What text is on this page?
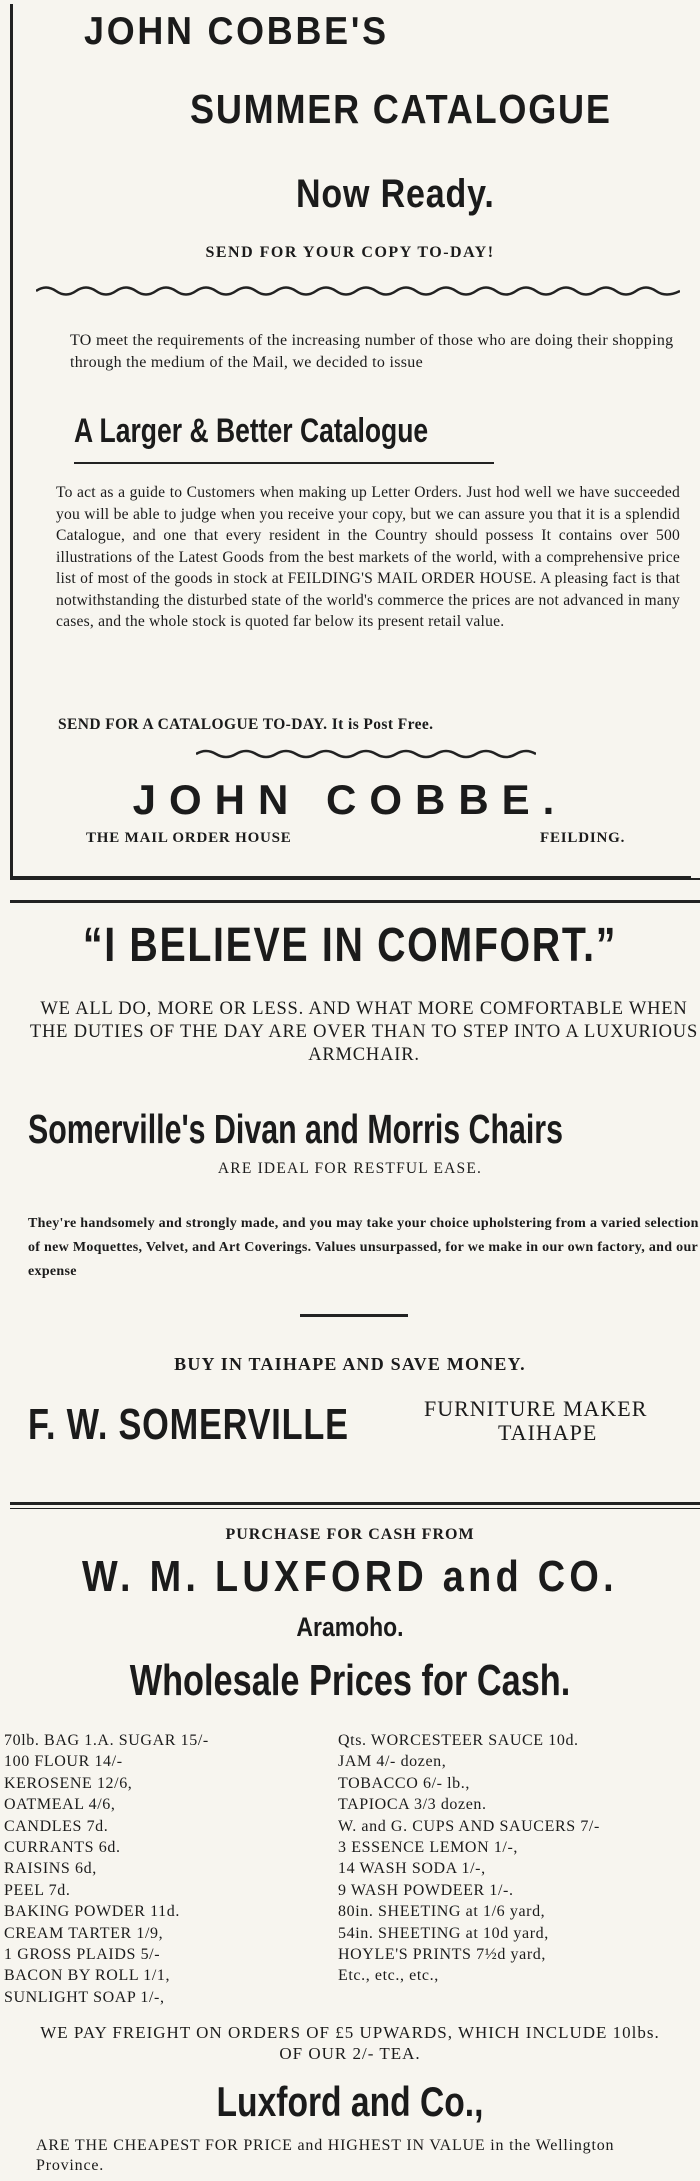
JOHN COBBE'S
SUMMER CATALOGUE
Now Ready.
SEND FOR YOUR COPY TO-DAY!

TO meet the requirements of the increasing number of those who are doing their shopping through the medium of the Mail, we decided to issue

A Larger & Better Catalogue

To act as a guide to Customers when making up Letter Orders. Just hod well we have succeeded you will be able to judge when you receive your copy, but we can assure you that it is a splendid Catalogue, and one that every resident in the Country should possess It contains over 500 illustrations of the Latest Goods from the best markets of the world, with a comprehensive price list of most of the goods in stock at FEILDING'S MAIL ORDER HOUSE. A pleasing fact is that notwithstanding the disturbed state of the world's commerce the prices are not advanced in many cases, and the whole stock is quoted far below its present retail value.

SEND FOR A CATALOGUE TO-DAY. It is Post Free.
JOHN COBBE.
THE MAIL ORDER HOUSE	FEILDING.
“I BELIEVE IN COMFORT.”

WE ALL DO, MORE OR LESS. AND WHAT MORE COMFORTABLE WHEN THE DUTIES OF THE DAY ARE OVER THAN TO STEP INTO A LUXURIOUS ARMCHAIR.

Somerville's Divan and Morris Chairs
ARE IDEAL FOR RESTFUL EASE.

They're handsomely and strongly made, and you may take your choice upholstering from a varied selection of new Moquettes, Velvet, and Art Coverings. Values unsurpassed, for we make in our own factory, and our expense

BUY IN TAIHAPE AND SAVE MONEY.
F. W. SOMERVILLE	FURNITURE MAKER
TAIHAPE
PURCHASE FOR CASH FROM
W. M. LUXFORD and CO.
Aramoho.
Wholesale Prices for Cash.
70lb. BAG 1.A. SUGAR 15/-
100 FLOUR 14/-
KEROSENE 12/6,
OATMEAL 4/6,
CANDLES 7d.
CURRANTS 6d.
RAISINS 6d,
PEEL 7d.
BAKING POWDER 11d.
CREAM TARTER 1/9,
1 GROSS PLAIDS 5/-
BACON BY ROLL 1/1,
SUNLIGHT SOAP 1/-,
Qts. WORCESTEER SAUCE 10d.
JAM 4/- dozen,
TOBACCO 6/- lb.,
TAPIOCA 3/3 dozen.
W. and G. CUPS AND SAUCERS 7/-
3 ESSENCE LEMON 1/-,
14 WASH SODA 1/-,
9 WASH POWDEER 1/-.
80in. SHEETING at 1/6 yard,
54in. SHEETING at 10d yard,
HOYLE'S PRINTS 7½d yard,
Etc., etc., etc.,

WE PAY FREIGHT ON ORDERS OF £5 UPWARDS, WHICH INCLUDE 10lbs. OF OUR 2/- TEA.

Luxford and Co.,

ARE THE CHEAPEST FOR PRICE and HIGHEST IN VALUE in the Wellington Province.
